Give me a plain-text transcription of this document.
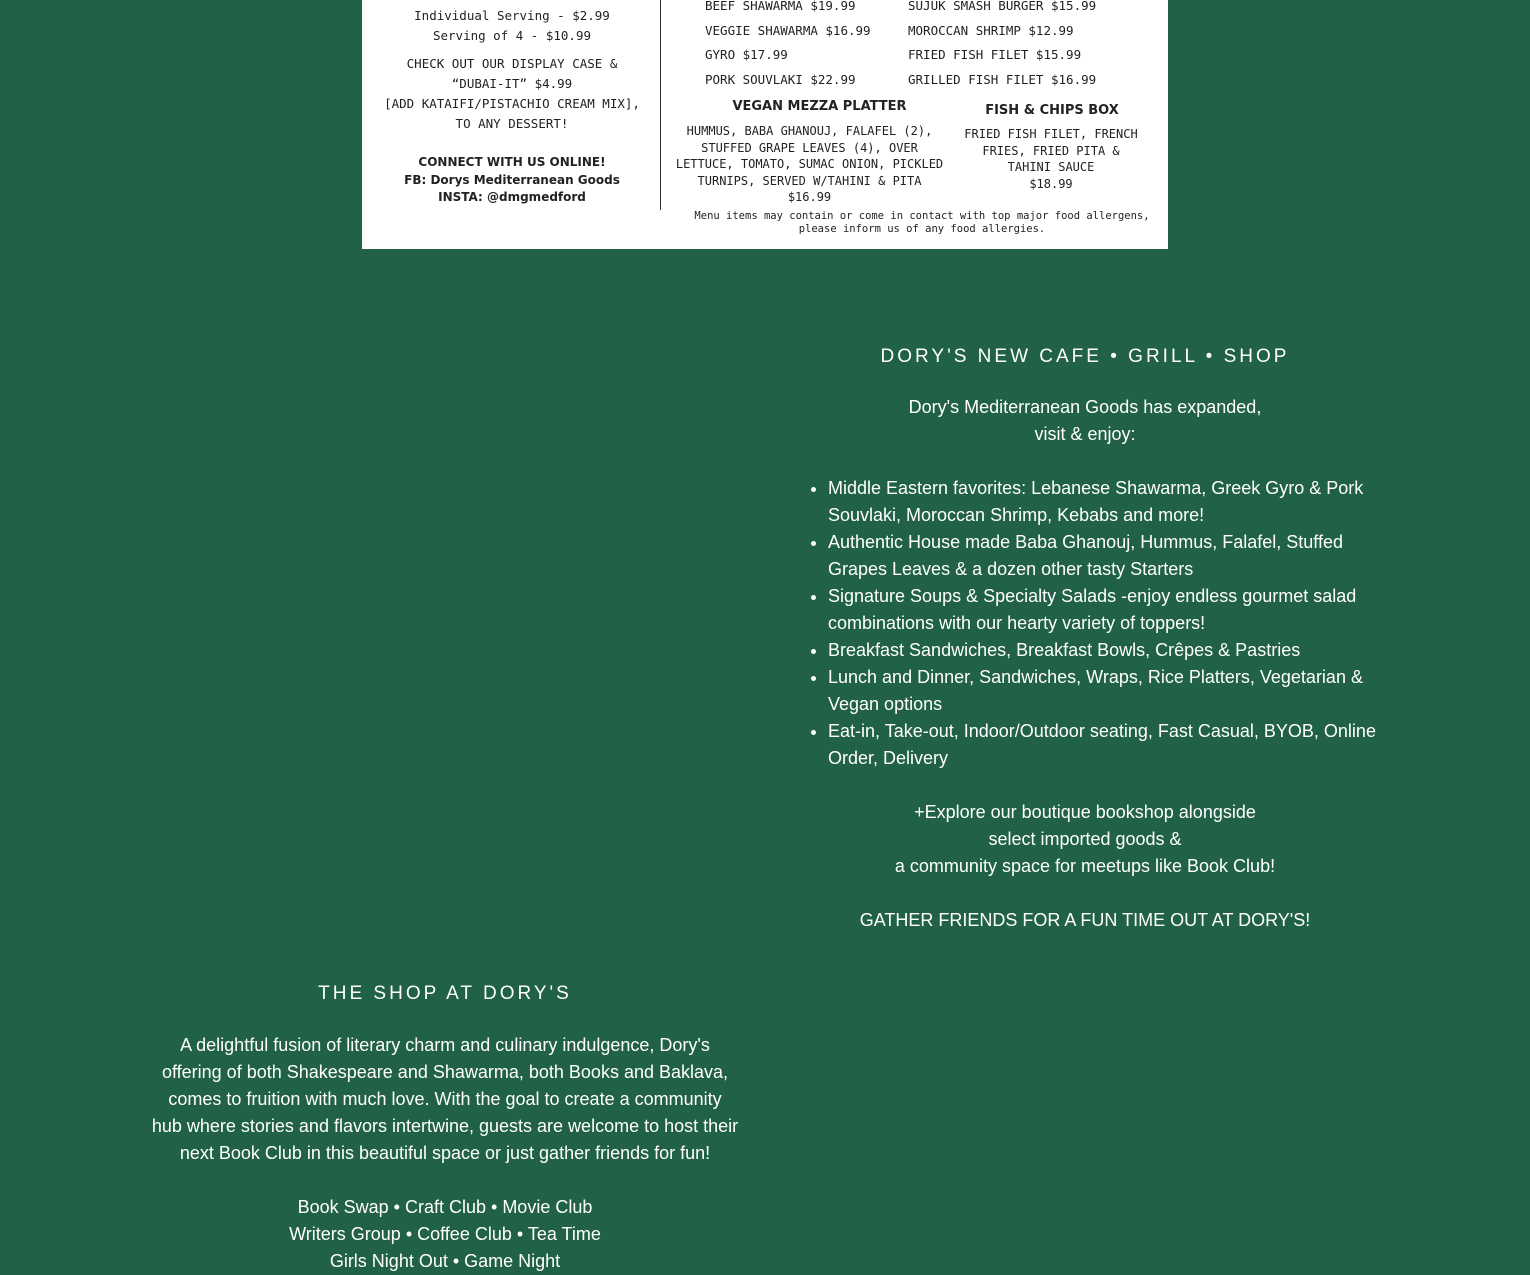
Individual Serving - $2.99
Serving of 4 - $10.99
CHECK OUT OUR DISPLAY CASE &
“DUBAI-IT” $4.99
[ADD KATAIFI/PISTACHIO CREAM MIX],
TO ANY DESSERT!
CONNECT WITH US ONLINE!
FB: Dorys Mediterranean Goods
INSTA: @dmgmedford
BEEF SHAWARMA $19.99
VEGGIE SHAWARMA $16.99
GYRO $17.99
PORK SOUVLAKI $22.99
SUJUK SMASH BURGER $15.99
MOROCCAN SHRIMP $12.99
FRIED FISH FILET $15.99
GRILLED FISH FILET $16.99
VEGAN MEZZA PLATTER
HUMMUS, BABA GHANOUJ, FALAFEL (2),
STUFFED GRAPE LEAVES (4), OVER
LETTUCE, TOMATO, SUMAC ONION, PICKLED
TURNIPS, SERVED W/TAHINI & PITA
$16.99
FISH & CHIPS BOX
FRIED FISH FILET, FRENCH
FRIES, FRIED PITA &
TAHINI SAUCE
$18.99
Menu items may contain or come in contact with top major food allergens,
please inform us of any food allergies.
DORY'S NEW CAFE • GRILL • SHOP
Dory's Mediterranean Goods has expanded,
visit & enjoy:
• Middle Eastern favorites: Lebanese Shawarma, Greek Gyro & Pork Souvlaki, Moroccan Shrimp, Kebabs and more!
• Authentic House made Baba Ghanouj, Hummus, Falafel, Stuffed Grapes Leaves & a dozen other tasty Starters
• Signature Soups & Specialty Salads -enjoy endless gourmet salad combinations with our hearty variety of toppers!
• Breakfast Sandwiches, Breakfast Bowls, Crêpes & Pastries
• Lunch and Dinner, Sandwiches, Wraps, Rice Platters, Vegetarian & Vegan options
• Eat-in, Take-out, Indoor/Outdoor seating, Fast Casual, BYOB, Online Order, Delivery
+Explore our boutique bookshop alongside
select imported goods &
a community space for meetups like Book Club!
GATHER FRIENDS FOR A FUN TIME OUT AT DORY'S!
THE SHOP AT DORY'S
A delightful fusion of literary charm and culinary indulgence, Dory's
offering of both Shakespeare and Shawarma, both Books and Baklava,
comes to fruition with much love. With the goal to create a community
hub where stories and flavors intertwine, guests are welcome to host their
next Book Club in this beautiful space or just gather friends for fun!
Book Swap • Craft Club • Movie Club
Writers Group • Coffee Club • Tea Time
Girls Night Out • Game Night
